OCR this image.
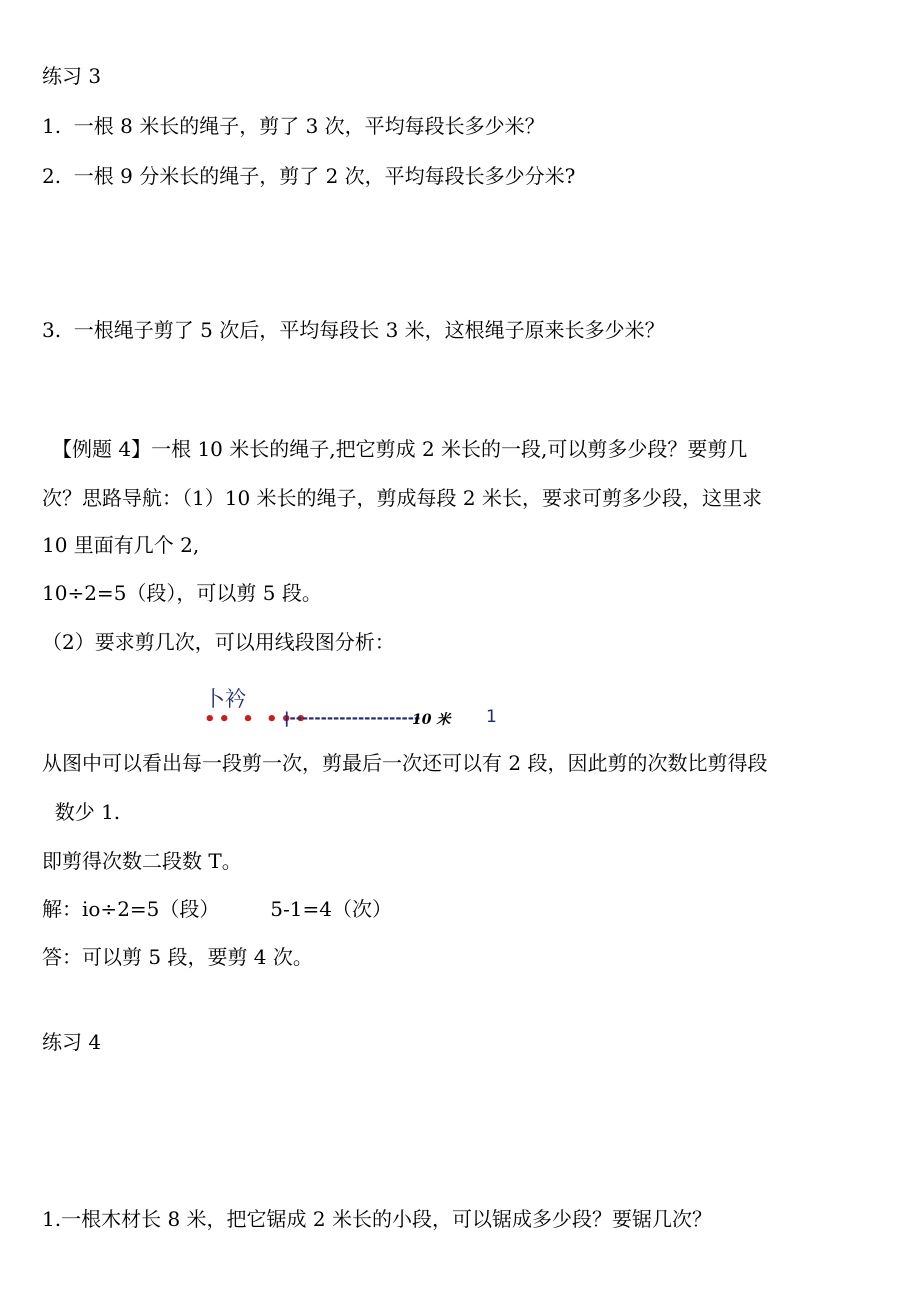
练习 3
1.  一根 8 米长的绳子，剪了 3 次，平均每段长多少米？
2.  一根 9 分米长的绳子，剪了 2 次，平均每段长多少分米?
3.  一根绳子剪了 5 次后，平均每段长 3 米，这根绳子原来长多少米？
【例题 4】一根 10 米长的绳子,把它剪成 2 米长的一段,可以剪多少段？要剪几
次？思路导航：（1）10 米长的绳子，剪成每段 2 米长，要求可剪多少段，这里求
10 里面有几个 2,
10÷2=5（段），可以剪 5 段。
（2）要求剪几次，可以用线段图分析：
卜衿
•• • •••
|---------------------
10 米 1
从图中可以看出每一段剪一次，剪最后一次还可以有 2 段，因此剪的次数比剪得段
数少 1.
即剪得次数二段数 T。
解：io÷2=5（段）        5-1=4（次）
答：可以剪 5 段，要剪 4 次。
练习 4
1.一根木材长 8 米，把它锯成 2 米长的小段，可以锯成多少段？要锯几次？
